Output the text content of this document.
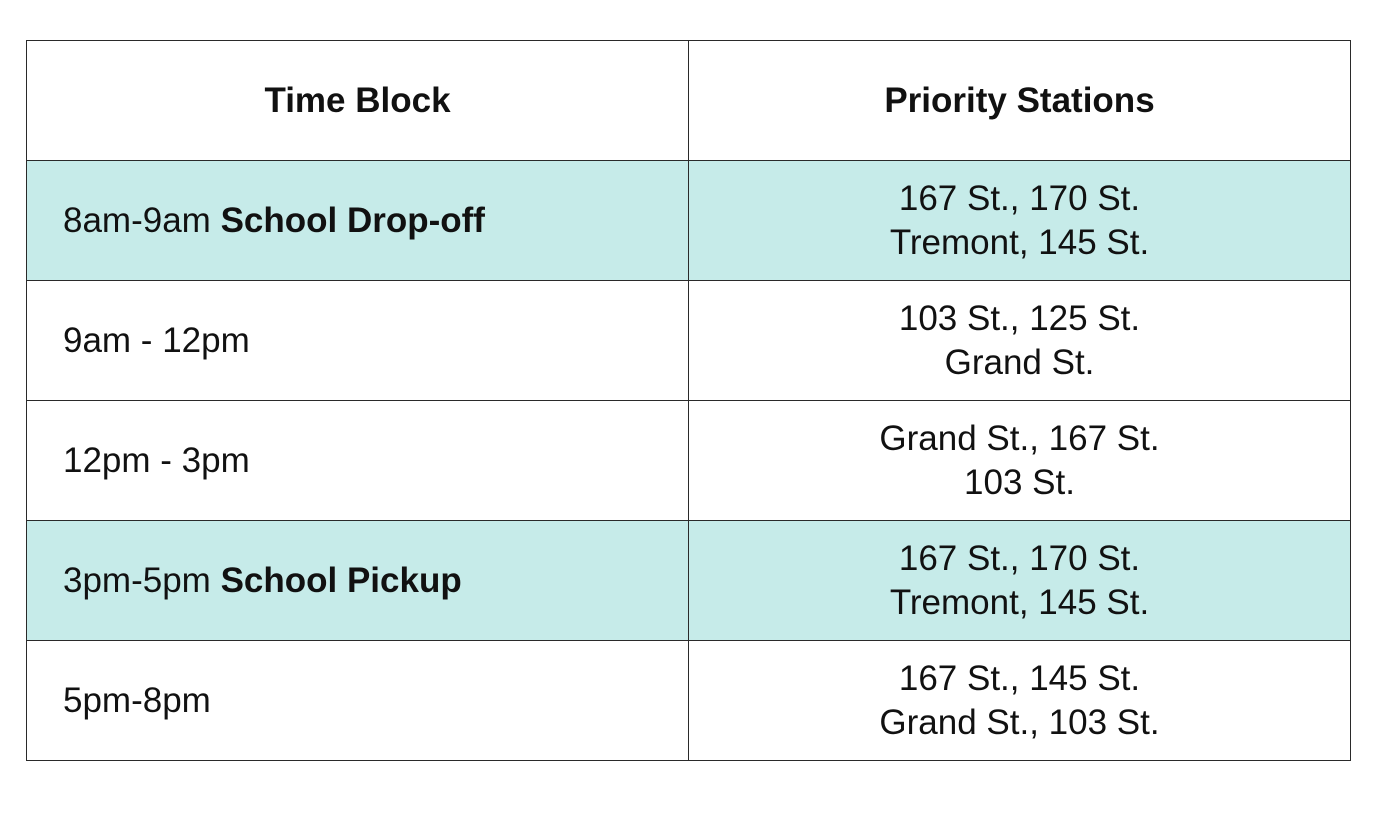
Time Block	Priority Stations
8am-9am School Drop-off	167 St., 170 St.
Tremont, 145 St.

9am - 12pm	103 St., 125 St.
Grand St.

12pm - 3pm	Grand St., 167 St.
103 St.

3pm-5pm School Pickup	167 St., 170 St.
Tremont, 145 St.

5pm-8pm	167 St., 145 St.
Grand St., 103 St.
